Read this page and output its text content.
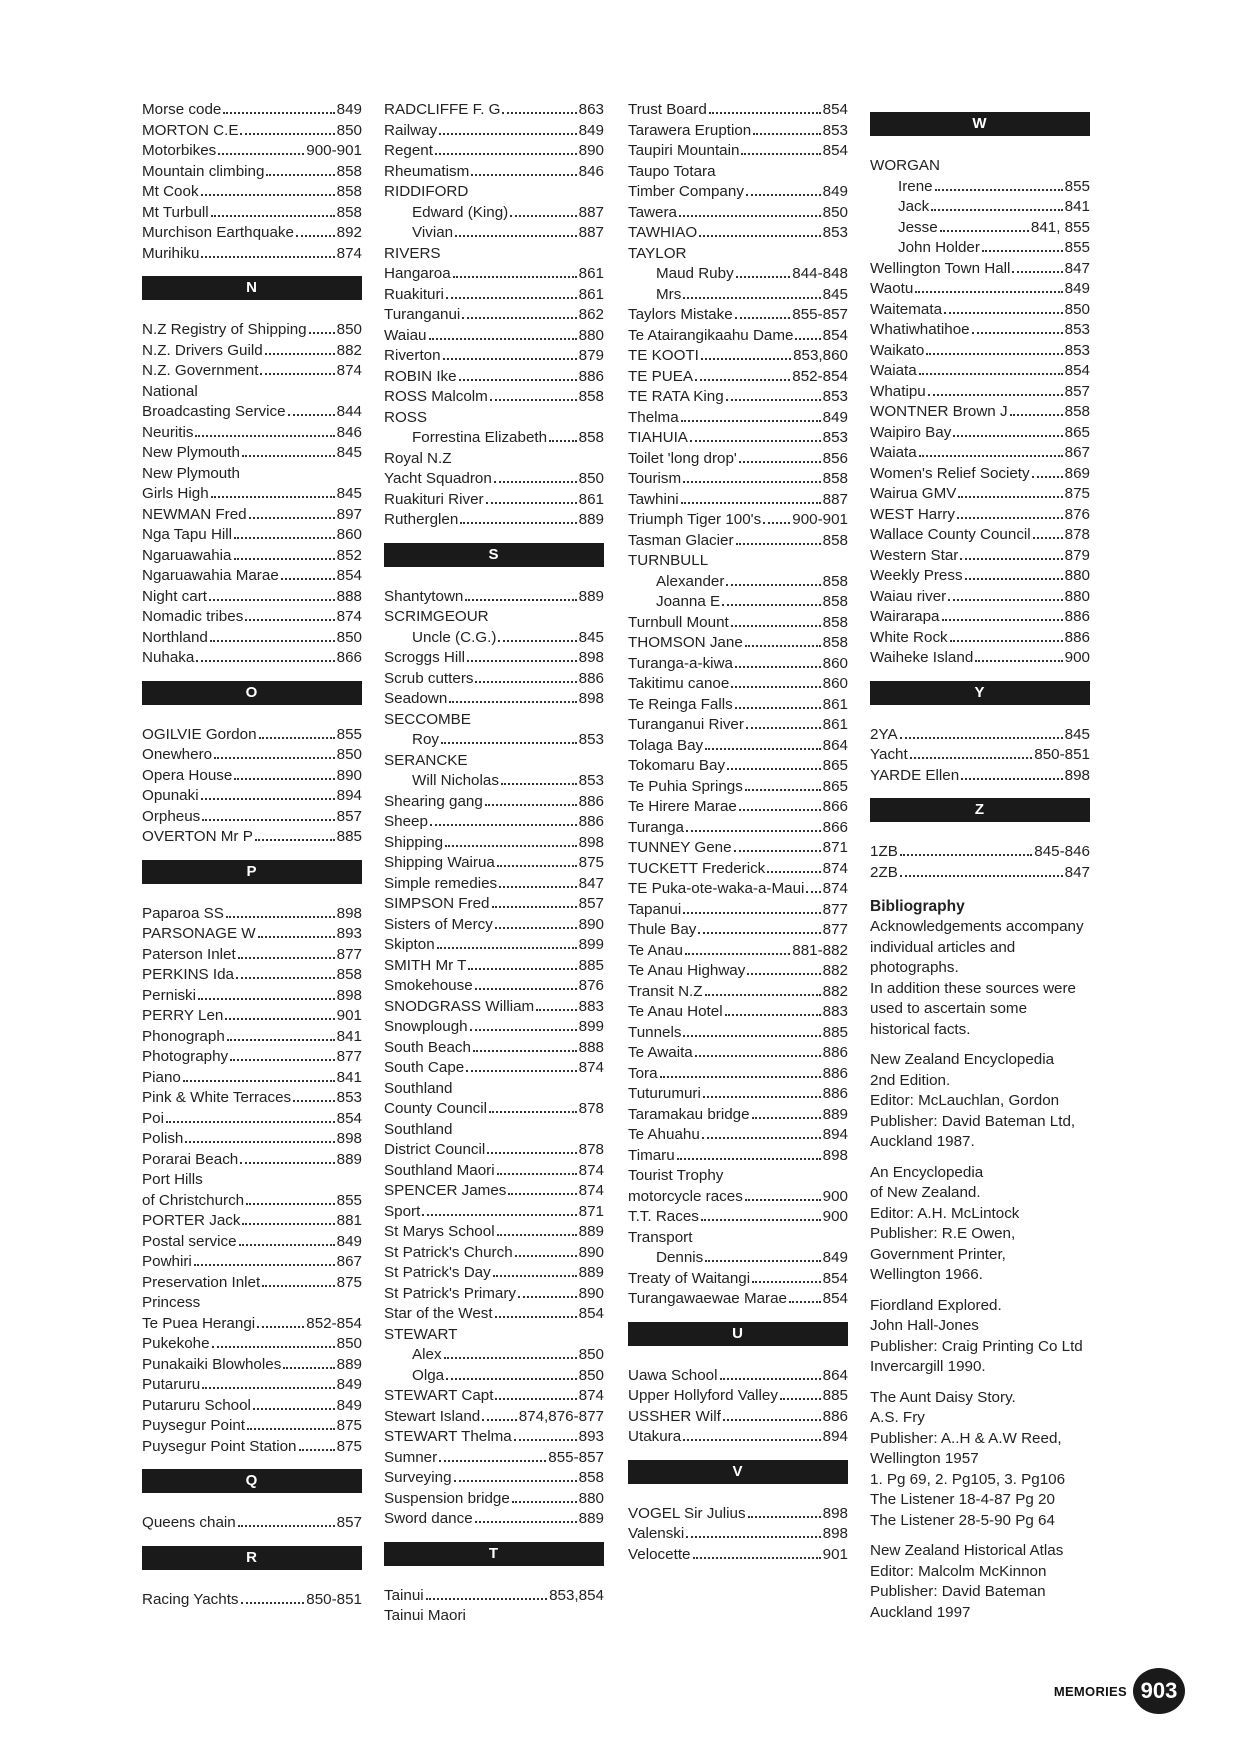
Morse code	849
MORTON C.E	850
Motorbikes	900-901
Mountain climbing	858
Mt Cook	858
Mt Turbull	858
Murchison Earthquake	892
Murihiku	874
N
N.Z Registry of Shipping 850
N.Z. Drivers Guild	882
N.Z. Government	874
National
Broadcasting Service	844
Neuritis	846
New Plymouth	845
New Plymouth
Girls High	845
NEWMAN Fred	897
Nga Tapu Hill	860
Ngaruawahia	852
Ngaruawahia Marae	854
Night cart	888
Nomadic tribes	874
Northland	850
Nuhaka	866
O
OGILVIE Gordon	855
Onewhero	850
Opera House	890
Opunaki	894
Orpheus	857
OVERTON Mr P	885
P
Paparoa SS	898
PARSONAGE W	893
Paterson Inlet	877
PERKINS Ida	858
Perniski	898
PERRY Len	901
Phonograph	841
Photography	877
Piano	841
Pink & White Terraces	853
Poi	854
Polish	898
Porarai Beach	889
Port Hills
of Christchurch	855
PORTER Jack	881
Postal service	849
Powhiri	867
Preservation Inlet	875
Princess
Te Puea Herangi	852-854
Pukekohe	850
Punakaiki Blowholes	889
Putaruru	849
Putaruru School	849
Puysegur Point	875
Puysegur Point Station	875
Q
Queens chain	857
R
Racing Yachts	850-851
RADCLIFFE F. G	863
Railway	849
Regent	890
Rheumatism	846
RIDDIFORD
Edward (King)	887
Vivian	887
RIVERS
Hangaroa	861
Ruakituri	861
Turanganui	862
Waiau	880
Riverton	879
ROBIN Ike	886
ROSS Malcolm	858
ROSS
Forrestina Elizabeth 858
Royal N.Z
Yacht Squadron	850
Ruakituri River	861
Rutherglen	889
S
Shantytown	889
SCRIMGEOUR
Uncle (C.G.)	845
Scroggs Hill	898
Scrub cutters	886
Seadown	898
SECCOMBE
Roy	853
SERANCKE
Will Nicholas	853
Shearing gang	886
Sheep	886
Shipping	898
Shipping Wairua	875
Simple remedies	847
SIMPSON Fred	857
Sisters of Mercy	890
Skipton	899
SMITH Mr T	885
Smokehouse	876
SNODGRASS William	883
Snowplough	899
South Beach	888
South Cape	874
Southland
County Council	878
Southland
District Council	878
Southland Maori	874
SPENCER James	874
Sport	871
St Marys School	889
St Patrick's Church	890
St Patrick's Day	889
St Patrick's Primary	890
Star of the West	854
STEWART
Alex	850
Olga	850
STEWART Capt	874
Stewart Island	874,876-877
STEWART Thelma	893
Sumner	855-857
Surveying	858
Suspension bridge	880
Sword dance	889
T
Tainui	853,854
Tainui Maori
Trust Board	854
Tarawera Eruption	853
Taupiri Mountain	854
Taupo Totara
Timber Company	849
Tawera	850
TAWHIAO	853
TAYLOR
Maud Ruby	844-848
Mrs	845
Taylors Mistake	855-857
Te Atairangikaahu Dame 854
TE KOOTI	853,860
TE PUEA	852-854
TE RATA King	853
Thelma	849
TIAHUIA	853
Toilet 'long drop'	856
Tourism	858
Tawhini	887
Triumph Tiger 100's 900-901
Tasman Glacier	858
TURNBULL
Alexander	858
Joanna E	858
Turnbull Mount	858
THOMSON Jane	858
Turanga-a-kiwa	860
Takitimu canoe	860
Te Reinga Falls	861
Turanganui River	861
Tolaga Bay	864
Tokomaru Bay	865
Te Puhia Springs	865
Te Hirere Marae	866
Turanga	866
TUNNEY Gene	871
TUCKETT Frederick	874
TE Puka-ote-waka-a-Maui 874
Tapanui	877
Thule Bay	877
Te Anau	881-882
Te Anau Highway	882
Transit N.Z	882
Te Anau Hotel	883
Tunnels	885
Te Awaita	886
Tora	886
Tuturumuri	886
Taramakau bridge	889
Te Ahuahu	894
Timaru	898
Tourist Trophy
motorcycle races	900
T.T. Races	900
Transport
Dennis	849
Treaty of Waitangi	854
Turangawaewae Marae 854
U
Uawa School	864
Upper Hollyford Valley	885
USSHER Wilf	886
Utakura	894
V
VOGEL Sir Julius	898
Valenski	898
Velocette	901
W
WORGAN
Irene	855
Jack	841
Jesse	841, 855
John Holder	855
Wellington Town Hall	847
Waotu	849
Waitemata	850
Whatiwhatihoe	853
Waikato	853
Waiata	854
Whatipu	857
WONTNER Brown J	858
Waipiro Bay	865
Waiata	867
Women's Relief Society 869
Wairua GMV	875
WEST Harry	876
Wallace County Council 878
Western Star	879
Weekly Press	880
Waiau river	880
Wairarapa	886
White Rock	886
Waiheke Island	900
Y
2YA	845
Yacht	850-851
YARDE Ellen	898
Z
1ZB	845-846
2ZB	847
Bibliography
Acknowledgements accompany
individual articles and
photographs.
In addition these sources were
used to ascertain some
historical facts.
New Zealand Encyclopedia
2nd Edition.
Editor: McLauchlan, Gordon
Publisher: David Bateman Ltd,
Auckland 1987.
An Encyclopedia
of New Zealand.
Editor: A.H. McLintock
Publisher: R.E Owen,
Government Printer,
Wellington 1966.
Fiordland Explored.
John Hall-Jones
Publisher: Craig Printing Co Ltd
Invercargill 1990.
The Aunt Daisy Story.
A.S. Fry
Publisher: A..H & A.W Reed,
Wellington 1957
1. Pg 69, 2. Pg105, 3. Pg106
The Listener 18-4-87 Pg 20
The Listener 28-5-90 Pg 64
New Zealand Historical Atlas
Editor: Malcolm McKinnon
Publisher: David Bateman
Auckland 1997
MEMORIES 903
